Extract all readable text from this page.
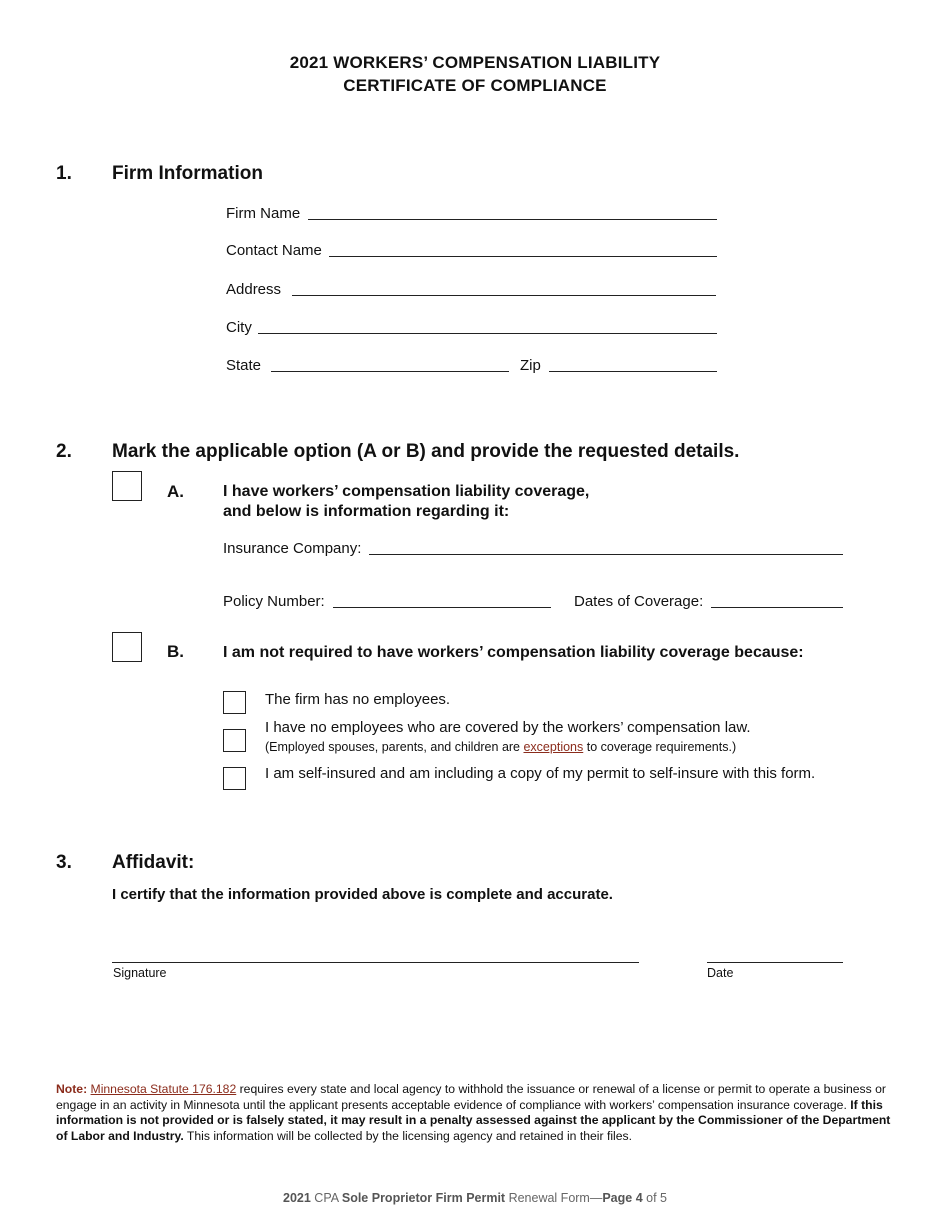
2021 WORKERS’ COMPENSATION LIABILITY
CERTIFICATE OF COMPLIANCE
1. Firm Information
Firm Name
Contact Name
Address
City
State	Zip
2. Mark the applicable option (A or B) and provide the requested details.
A. I have workers’ compensation liability coverage,
and below is information regarding it:
Insurance Company:
Policy Number:	Dates of Coverage:
B. I am not required to have workers’ compensation liability coverage because:
The firm has no employees.
I have no employees who are covered by the workers’ compensation law.
(Employed spouses, parents, and children are exceptions to coverage requirements.)
I am self-insured and am including a copy of my permit to self-insure with this form.
3. Affidavit:
I certify that the information provided above is complete and accurate.
Signature	Date
Note: Minnesota Statute 176.182 requires every state and local agency to withhold the issuance or renewal of a license or permit to operate a business or engage in an activity in Minnesota until the applicant presents acceptable evidence of compliance with workers’ compensation insurance coverage. If this information is not provided or is falsely stated, it may result in a penalty assessed against the applicant by the Commissioner of the Department of Labor and Industry. This information will be collected by the licensing agency and retained in their files.
2021 CPA Sole Proprietor Firm Permit Renewal Form—Page 4 of 5
